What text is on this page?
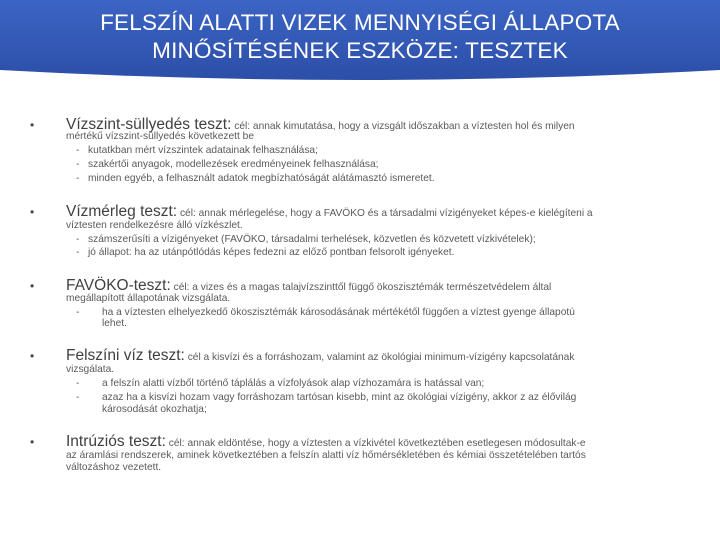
FELSZÍN ALATTI VIZEK MENNYISÉGI ÁLLAPOTA
MINŐSÍTÉSÉNEK ESZKÖZE: TESZTEK
• Vízszint-süllyedés teszt: cél: annak kimutatása, hogy a vizsgált időszakban a víztesten hol és milyen
mértékű vízszint-süllyedés következett be
- kutatkban mért vízszintek adatainak felhasználása;
- szakértői anyagok, modellezések eredményeinek felhasználása;
- minden egyéb, a felhasznált adatok megbízhatóságát alátámasztó ismeretet.
• Vízmérleg teszt: cél: annak mérlegelése, hogy a FAVÖKO és a társadalmi vízigényeket képes-e kielégíteni a
víztesten rendelkezésre álló vízkészlet.
- számszerűsíti a vízigényeket (FAVÖKO, társadalmi terhelések, közvetlen és közvetett vízkivételek);
- jó állapot: ha az utánpótlódás képes fedezni az előző pontban felsorolt igényeket.
• FAVÖKO-teszt: cél: a vizes és a magas talajvízszinttől függő ökoszisztémák természetvédelem által
megállapított állapotának vizsgálata.
- ha a víztesten elhelyezkedő ökoszisztémák károsodásának mértékétől függően a víztest gyenge állapotú
lehet.
• Felszíni víz teszt: cél a kisvízi és a forráshozam, valamint az ökológiai minimum-vízigény kapcsolatának
vizsgálata.
- a felszín alatti vízből történő táplálás a vízfolyások alap vízhozamára is hatással van;
- azaz ha a kisvízi hozam vagy forráshozam tartósan kisebb, mint az ökológiai vízigény, akkor z az élővilág
károsodását okozhatja;
• Intrúziós teszt: cél: annak eldöntése, hogy a víztesten a vízkivétel következtében esetlegesen módosultak-e
az áramlási rendszerek, aminek következtében a felszín alatti víz hőmérsékletében és kémiai összetételében tartós
változáshoz vezetett.
